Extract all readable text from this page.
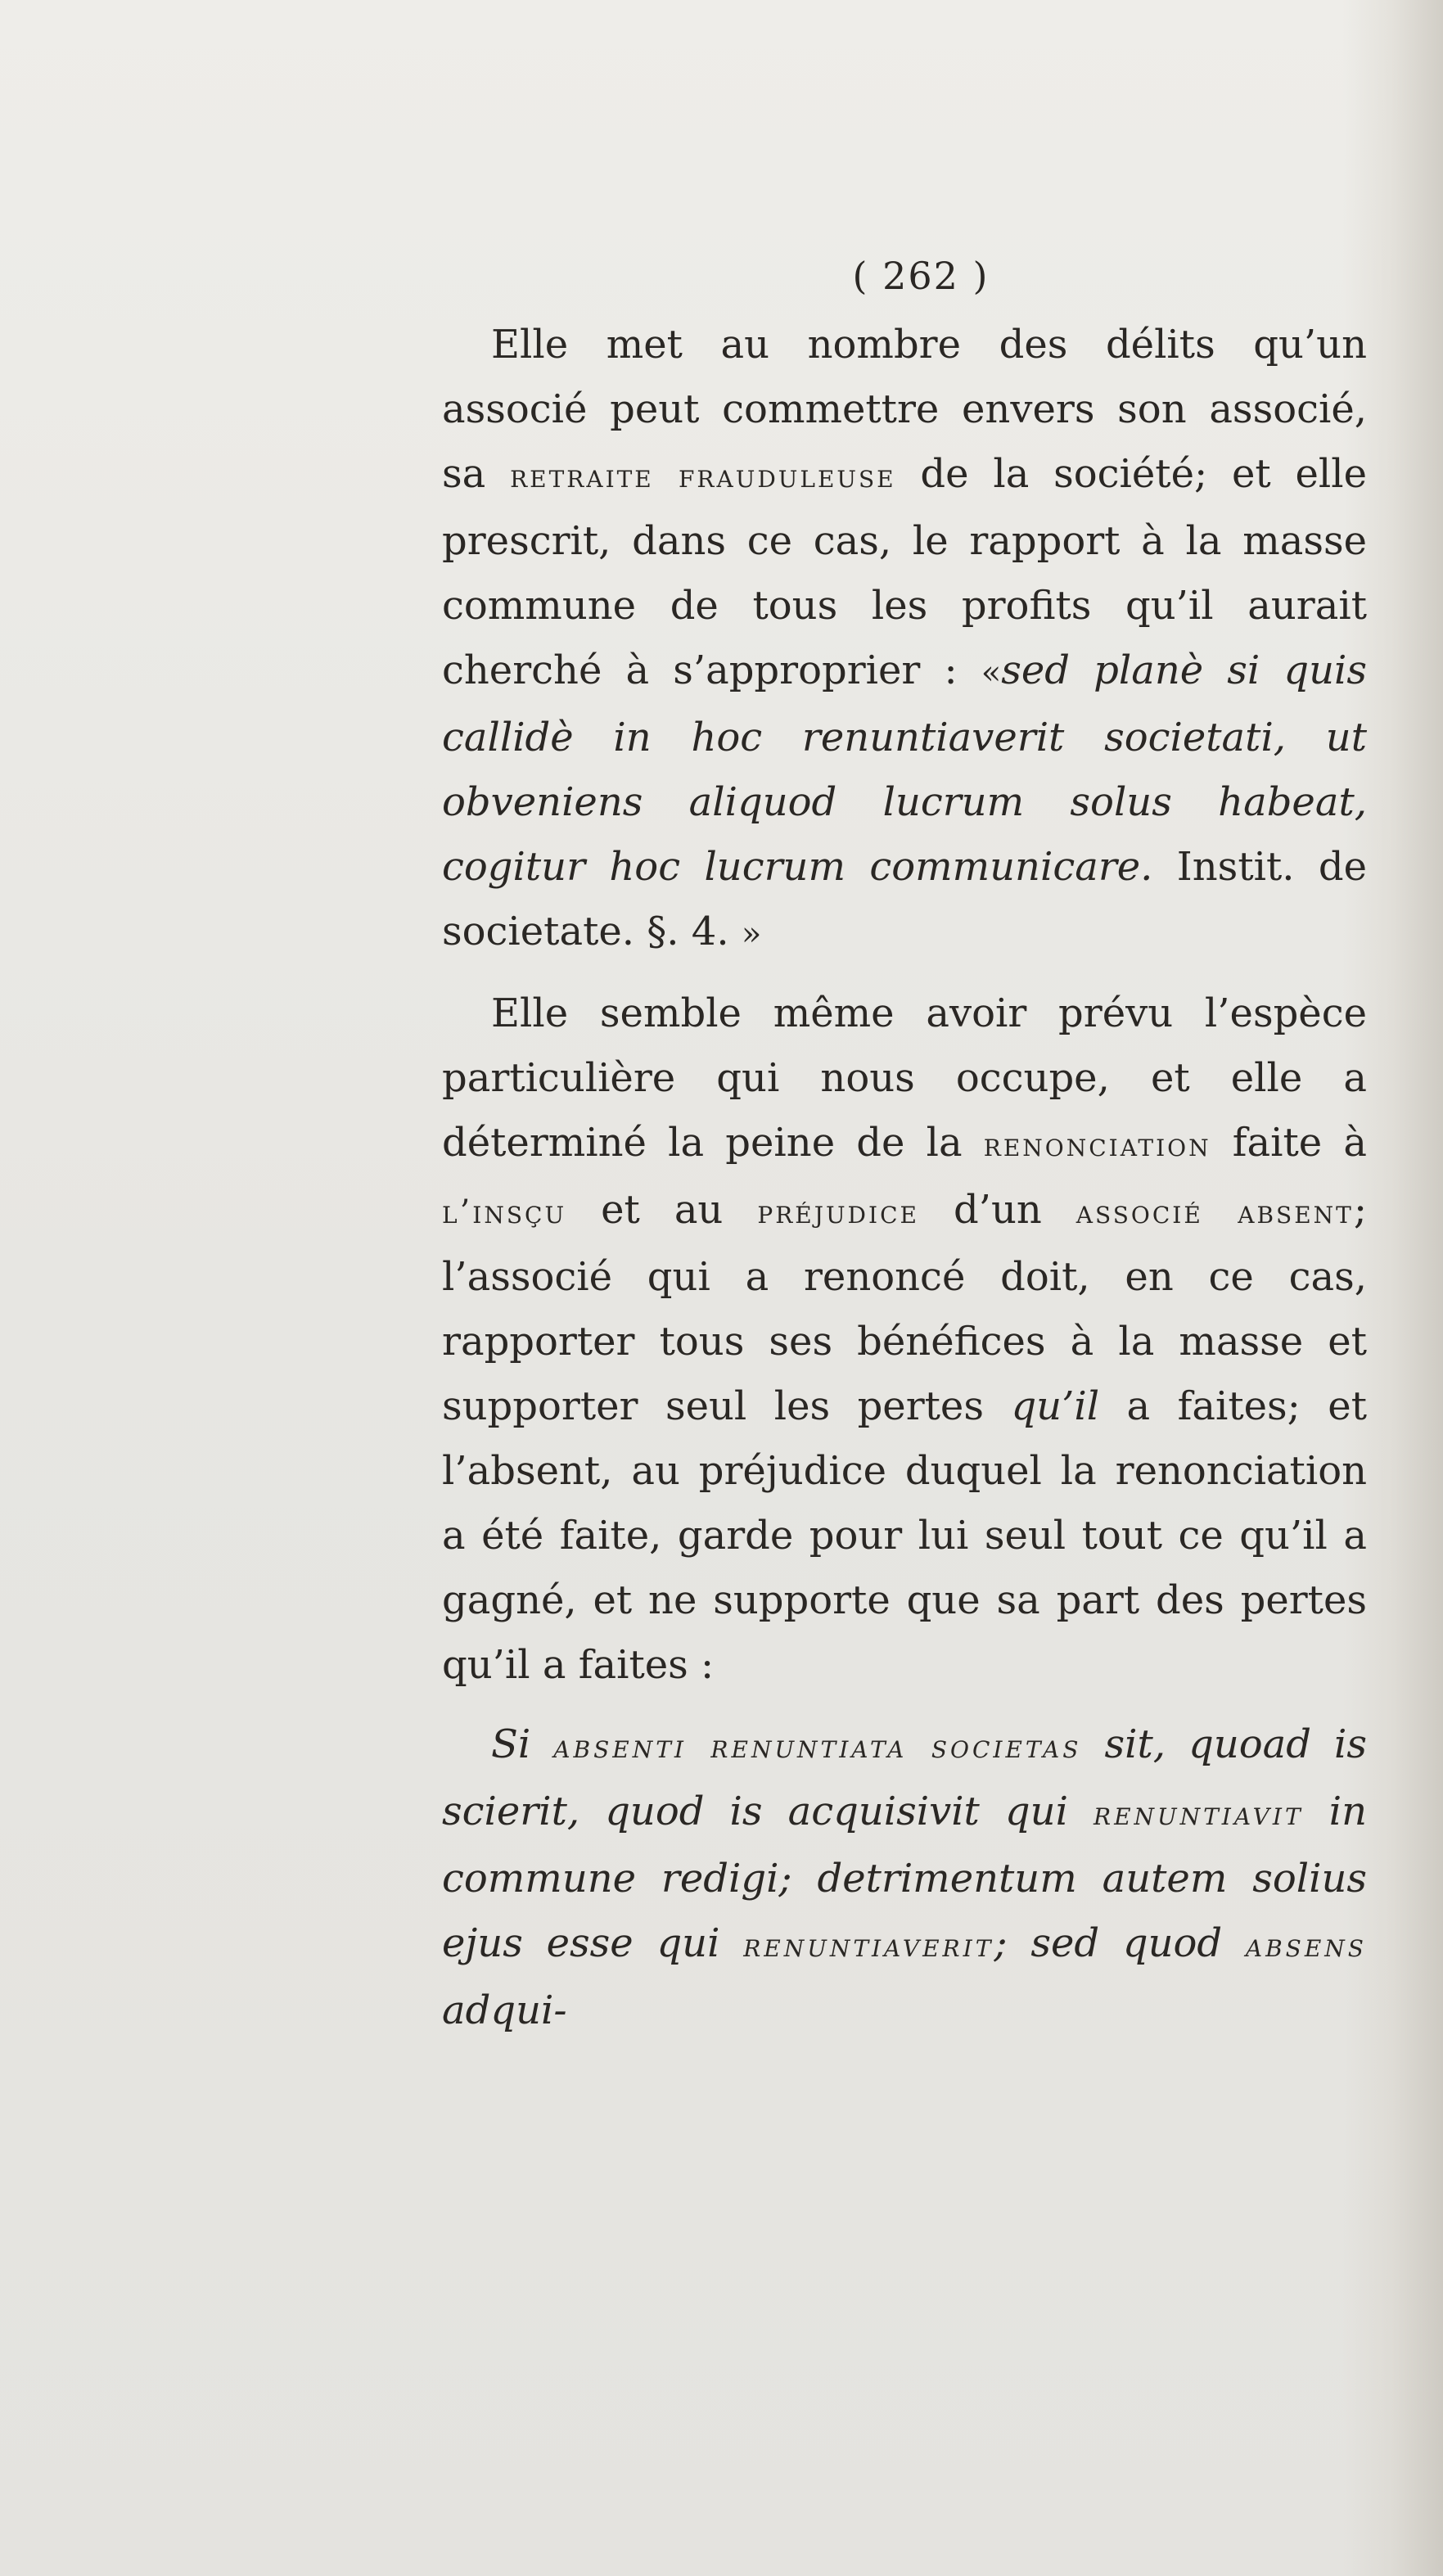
( 262 )

Elle met au nombre des délits qu’un associé peut commettre envers son associé, sa retraite frauduleuse de la société; et elle prescrit, dans ce cas, le rapport à la masse commune de tous les profits qu’il aurait cherché à s’approprier : «sed planè si quis callidè in hoc renuntiaverit societati, ut obveniens aliquod lucrum solus habeat, cogitur hoc lucrum communicare. Instit. de societate. §. 4. »

Elle semble même avoir prévu l’espèce particulière qui nous occupe, et elle a déterminé la peine de la renonciation faite à l’insçu et au préjudice d’un associé absent; l’associé qui a renoncé doit, en ce cas, rapporter tous ses bénéfices à la masse et supporter seul les pertes qu’il a faites; et l’absent, au préjudice duquel la renonciation a été faite, garde pour lui seul tout ce qu’il a gagné, et ne supporte que sa part des pertes qu’il a faites :

Si absenti renuntiata societas sit, quoad is scierit, quod is acquisivit qui renuntiavit in commune redigi; detrimentum autem solius ejus esse qui renuntiaverit; sed quod absens adqui-
